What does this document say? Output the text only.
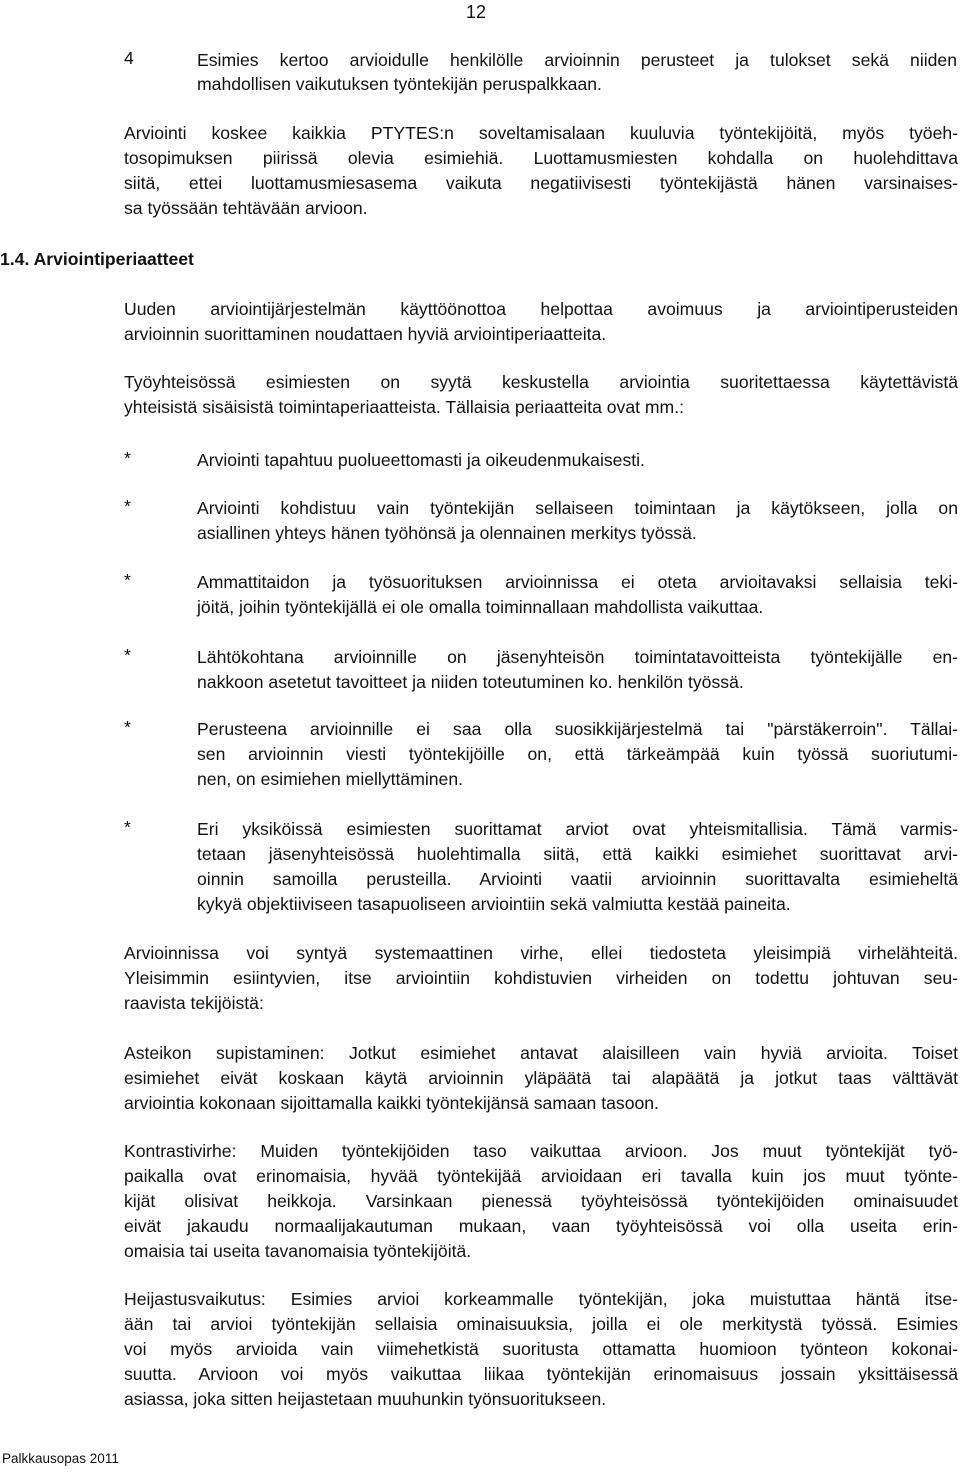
12
4	Esimies kertoo arvioidulle henkilölle arvioinnin perusteet ja tulokset sekä niiden
mahdollisen vaikutuksen työntekijän peruspalkkaan.
Arviointi koskee kaikkia PTYTES:n soveltamisalaan kuuluvia työntekijöitä, myös työeh-
tosopimuksen piirissä olevia esimiehiä. Luottamusmiesten kohdalla on huolehdittava
siitä, ettei luottamusmiesasema vaikuta negatiivisesti työntekijästä hänen varsinaises-
sa työssään tehtävään arvioon.
1.4. Arviointiperiaatteet
Uuden arviointijärjestelmän käyttöönottoa helpottaa avoimuus ja arviointiperusteiden
arvioinnin suorittaminen noudattaen hyviä arviointiperiaatteita.
Työyhteisössä esimiesten on syytä keskustella arviointia suoritettaessa käytettävistä
yhteisistä sisäisistä toimintaperiaatteista. Tällaisia periaatteita ovat mm.:
*	Arviointi tapahtuu puolueettomasti ja oikeudenmukaisesti.
*	Arviointi kohdistuu vain työntekijän sellaiseen toimintaan ja käytökseen, jolla on
asiallinen yhteys hänen työhönsä ja olennainen merkitys työssä.
*	Ammattitaidon ja työsuorituksen arvioinnissa ei oteta arvioitavaksi sellaisia teki-
jöitä, joihin työntekijällä ei ole omalla toiminnallaan mahdollista vaikuttaa.
*	Lähtökohtana arvioinnille on jäsenyhteisön toimintatavoitteista työntekijälle en-
nakkoon asetetut tavoitteet ja niiden toteutuminen ko. henkilön työssä.
*	Perusteena arvioinnille ei saa olla suosikkijärjestelmä tai "pärstäkerroin". Tällai-
sen arvioinnin viesti työntekijöille on, että tärkeämpää kuin työssä suoriutumi-
nen, on esimiehen miellyttäminen.
*	Eri yksiköissä esimiesten suorittamat arviot ovat yhteismitallisia. Tämä varmis-
tetaan jäsenyhteisössä huolehtimalla siitä, että kaikki esimiehet suorittavat arvi-
oinnin samoilla perusteilla. Arviointi vaatii arvioinnin suorittavalta esimieheltä
kykyä objektiiviseen tasapuoliseen arviointiin sekä valmiutta kestää paineita.
Arvioinnissa voi syntyä systemaattinen virhe, ellei tiedosteta yleisimpiä virhelähteitä.
Yleisimmin esiintyvien, itse arviointiin kohdistuvien virheiden on todettu johtuvan seu-
raavista tekijöistä:
Asteikon supistaminen: Jotkut esimiehet antavat alaisilleen vain hyviä arvioita. Toiset
esimiehet eivät koskaan käytä arvioinnin yläpäätä tai alapäätä ja jotkut taas välttävät
arviointia kokonaan sijoittamalla kaikki työntekijänsä samaan tasoon.
Kontrastivirhe: Muiden työntekijöiden taso vaikuttaa arvioon. Jos muut työntekijät työ-
paikalla ovat erinomaisia, hyvää työntekijää arvioidaan eri tavalla kuin jos muut työnte-
kijät olisivat heikkoja. Varsinkaan pienessä työyhteisössä työntekijöiden ominaisuudet
eivät jakaudu normaalijakautuman mukaan, vaan työyhteisössä voi olla useita erin-
omaisia tai useita tavanomaisia työntekijöitä.
Heijastusvaikutus: Esimies arvioi korkeammalle työntekijän, joka muistuttaa häntä itse-
ään tai arvioi työntekijän sellaisia ominaisuuksia, joilla ei ole merkitystä työssä. Esimies
voi myös arvioida vain viimehetkistä suoritusta ottamatta huomioon työnteon kokonai-
suutta. Arvioon voi myös vaikuttaa liikaa työntekijän erinomaisuus jossain yksittäisessä
asiassa, joka sitten heijastetaan muuhunkin työnsuoritukseen.
Palkkausopas 2011
